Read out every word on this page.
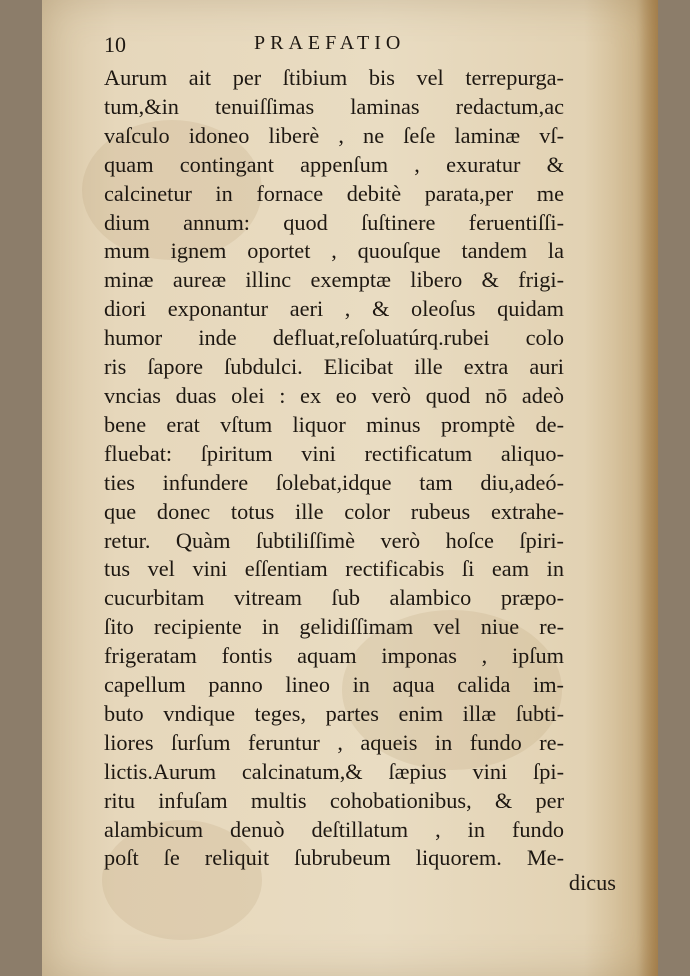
10	PRAEFATIO
Aurum ait per ſtibium bis vel terrepurga-
tum,&in tenuiſſimas laminas redactum,ac
vaſculo idoneo liberè , ne ſeſe laminæ vſ-
quam contingant appenſum , exuratur &
calcinetur in fornace debitè parata,per me
dium annum: quod ſuſtinere feruentiſſi-
mum ignem oportet , quouſque tandem la
minæ aureæ illinc exemptæ libero & frigi-
diori exponantur aeri , & oleoſus quidam
humor inde defluat,reſoluatúrq.rubei colo
ris ſapore ſubdulci. Elicibat ille extra auri
vncias duas olei : ex eo verò quod nō adeò
bene erat vſtum liquor minus promptè de-
fluebat: ſpiritum vini rectificatum aliquo-
ties infundere ſolebat,idque tam diu,adeó-
que donec totus ille color rubeus extrahe-
retur. Quàm ſubtiliſſimè verò hoſce ſpiri-
tus vel vini eſſentiam rectificabis ſi eam in
cucurbitam vitream ſub alambico præpo-
ſito recipiente in gelidiſſimam vel niue re-
frigeratam fontis aquam imponas , ipſum
capellum panno lineo in aqua calida im-
buto vndique teges, partes enim illæ ſubti-
liores ſurſum feruntur , aqueis in fundo re-
lictis.Aurum calcinatum,& ſæpius vini ſpi-
ritu infuſam multis cohobationibus, & per
alambicum denuò deſtillatum , in fundo
poſt ſe reliquit ſubrubeum liquorem. Me-
dicus
